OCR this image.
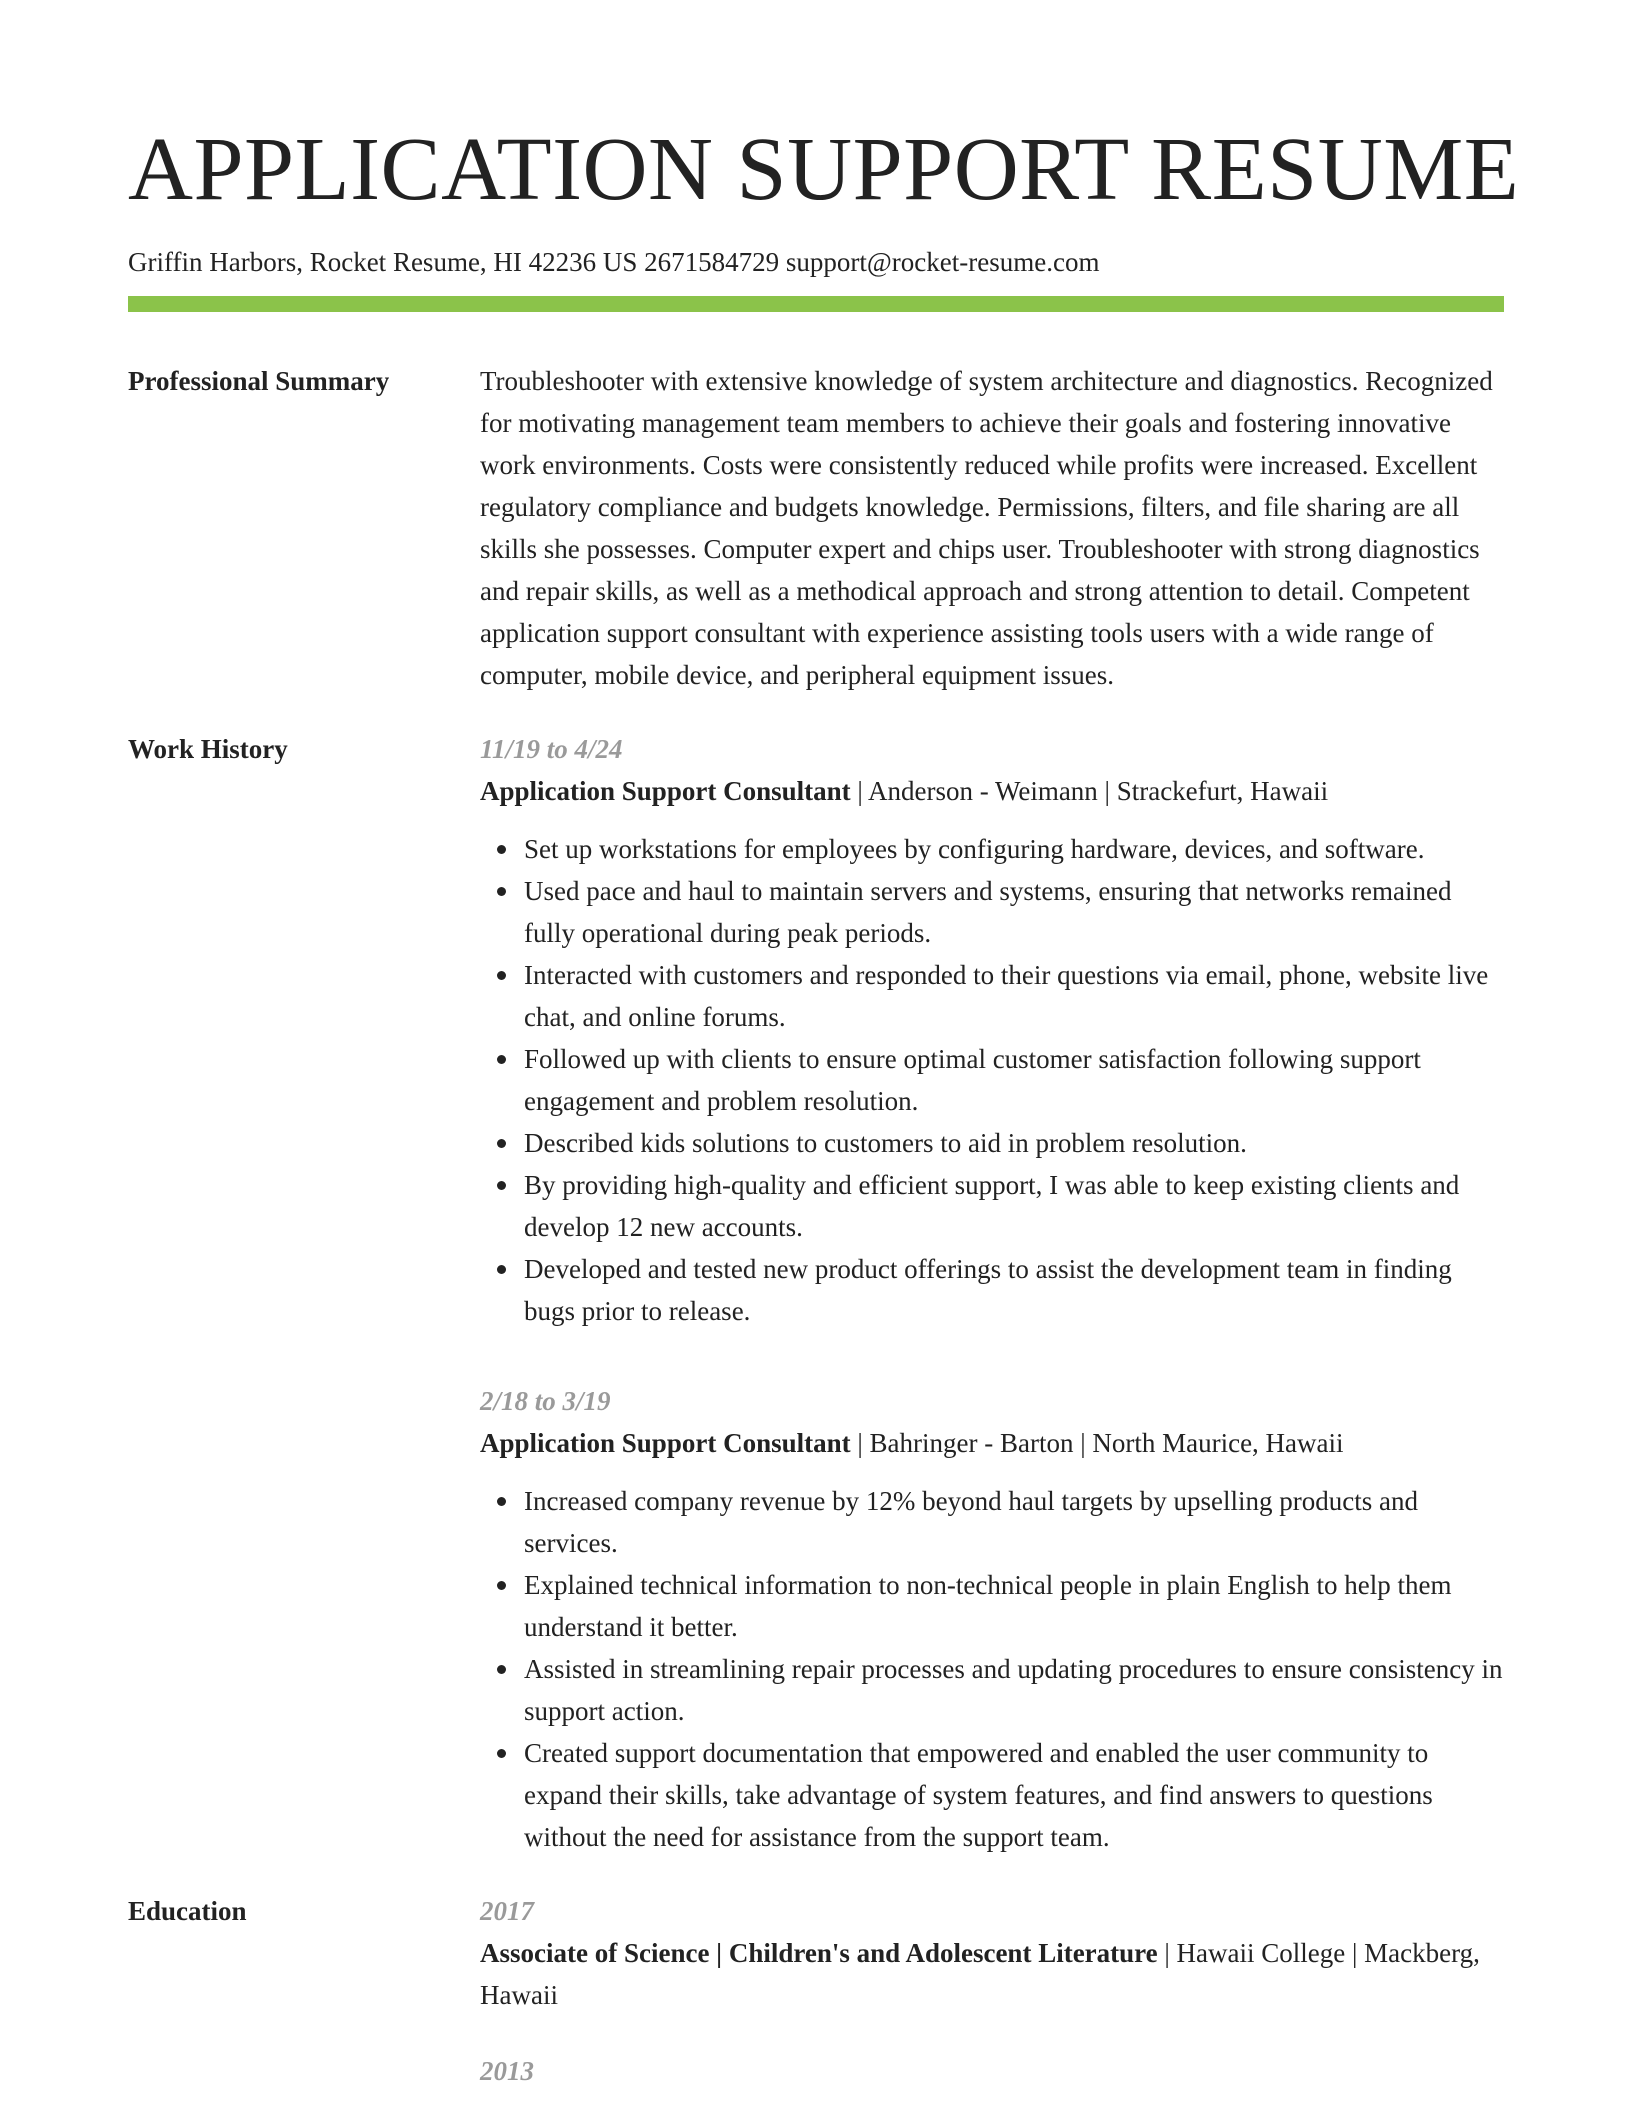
APPLICATION SUPPORT RESUME
Griffin Harbors, Rocket Resume, HI 42236 US 2671584729 support@rocket-resume.com
Professional Summary	Troubleshooter with extensive knowledge of system architecture and diagnostics. Recognized for motivating management team members to achieve their goals and fostering innovative work environments. Costs were consistently reduced while profits were increased. Excellent regulatory compliance and budgets knowledge. Permissions, filters, and file sharing are all skills she possesses. Computer expert and chips user. Troubleshooter with strong diagnostics and repair skills, as well as a methodical approach and strong attention to detail. Competent application support consultant with experience assisting tools users with a wide range of computer, mobile device, and peripheral equipment issues.
Work History	11/19 to 4/24
Application Support Consultant | Anderson - Weimann | Strackefurt, Hawaii
Set up workstations for employees by configuring hardware, devices, and software.
Used pace and haul to maintain servers and systems, ensuring that networks remained fully operational during peak periods.
Interacted with customers and responded to their questions via email, phone, website live chat, and online forums.
Followed up with clients to ensure optimal customer satisfaction following support engagement and problem resolution.
Described kids solutions to customers to aid in problem resolution.
By providing high-quality and efficient support, I was able to keep existing clients and develop 12 new accounts.
Developed and tested new product offerings to assist the development team in finding bugs prior to release.
2/18 to 3/19
Application Support Consultant | Bahringer - Barton | North Maurice, Hawaii
Increased company revenue by 12% beyond haul targets by upselling products and services.
Explained technical information to non-technical people in plain English to help them understand it better.
Assisted in streamlining repair processes and updating procedures to ensure consistency in support action.
Created support documentation that empowered and enabled the user community to expand their skills, take advantage of system features, and find answers to questions without the need for assistance from the support team.
Education	2017
Associate of Science | Children's and Adolescent Literature | Hawaii College | Mackberg, Hawaii
2013
